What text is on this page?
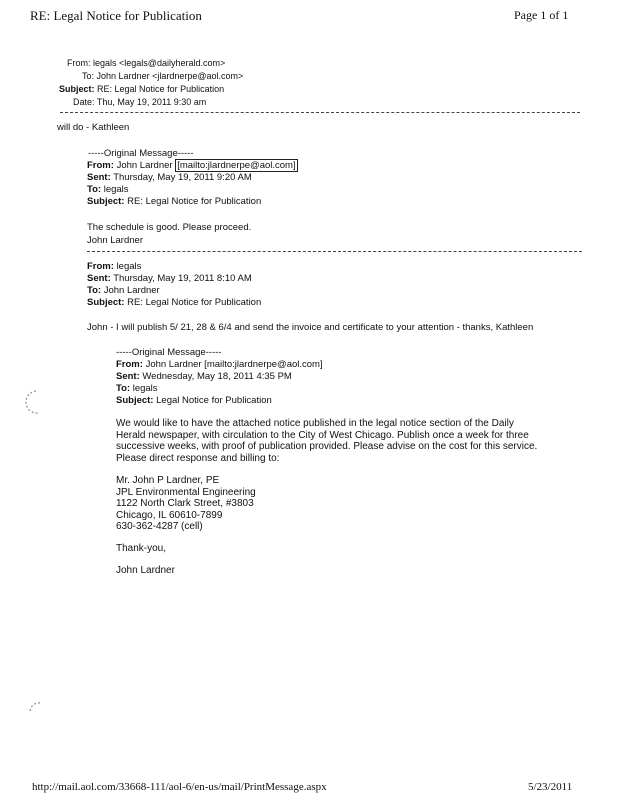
RE: Legal Notice for Publication	Page 1 of 1
From: legals <legals@dailyherald.com>
To: John Lardner <jlardnerpe@aol.com>
Subject: RE: Legal Notice for Publication
Date: Thu, May 19, 2011 9:30 am
will do - Kathleen
-----Original Message-----
From: John Lardner [mailto:jlardnerpe@aol.com]
Sent: Thursday, May 19, 2011 9:20 AM
To: legals
Subject: RE: Legal Notice for Publication
The schedule is good. Please proceed.
John Lardner
From: legals
Sent: Thursday, May 19, 2011 8:10 AM
To: John Lardner
Subject: RE: Legal Notice for Publication
John - I will publish 5/ 21, 28 & 6/4 and send the invoice and certificate to your attention - thanks, Kathleen
-----Original Message-----
From: John Lardner [mailto:jlardnerpe@aol.com]
Sent: Wednesday, May 18, 2011 4:35 PM
To: legals
Subject: Legal Notice for Publication
We would like to have the attached notice published in the legal notice section of the Daily
Herald newspaper, with circulation to the City of West Chicago. Publish once a week for three
successive weeks, with proof of publication provided. Please advise on the cost for this service.
Please direct response and billing to:
Mr. John P Lardner, PE
JPL Environmental Engineering
1122 North Clark Street, #3803
Chicago, IL 60610-7899
630-362-4287 (cell)
Thank-you,
John Lardner
http://mail.aol.com/33668-111/aol-6/en-us/mail/PrintMessage.aspx	5/23/2011
